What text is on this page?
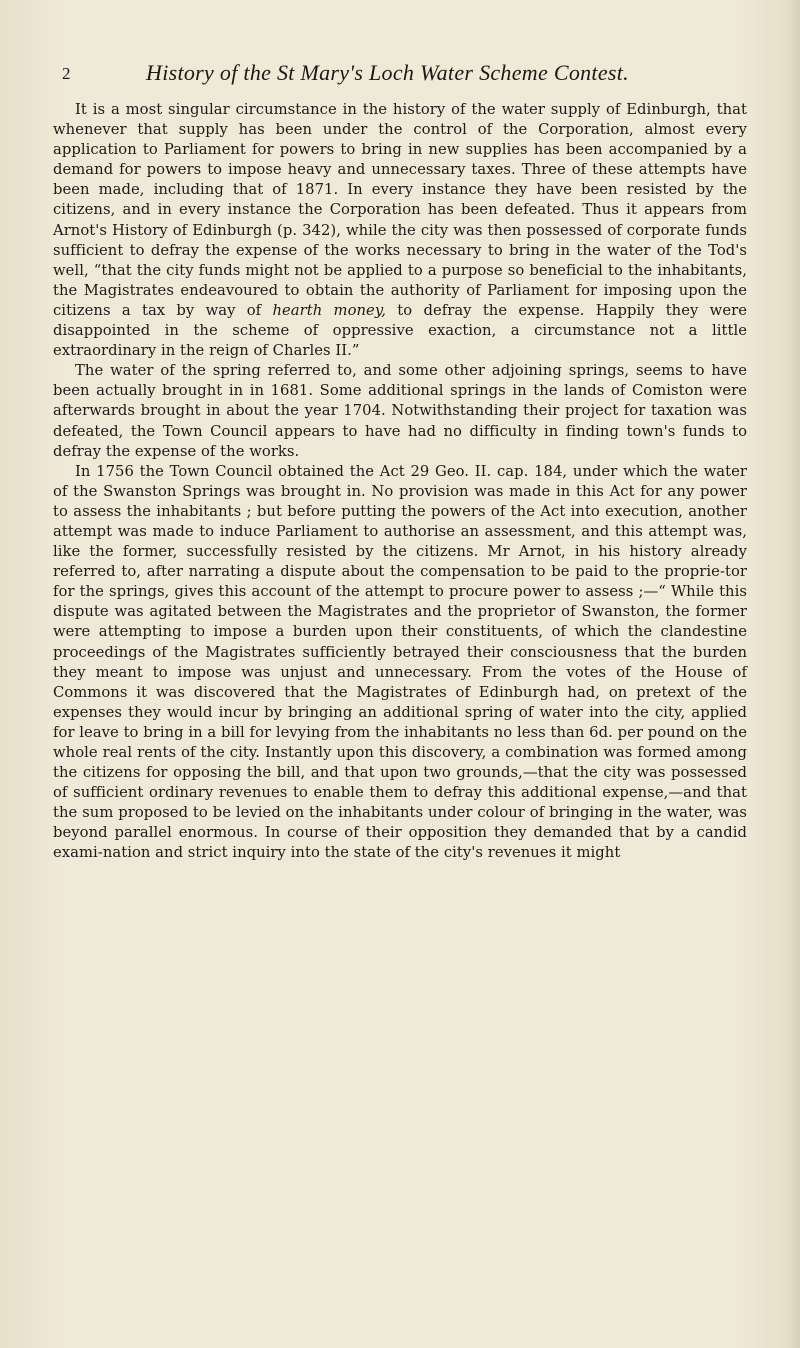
2	History of the St Mary's Loch Water Scheme Contest.

It is a most singular circumstance in the history of the water supply of Edinburgh, that whenever that supply has been under the control of the Corporation, almost every application to Parliament for powers to bring in new supplies has been accompanied by a demand for powers to impose heavy and unnecessary taxes. Three of these attempts have been made, including that of 1871. In every instance they have been resisted by the citizens, and in every instance the Corporation has been defeated. Thus it appears from Arnot's History of Edinburgh (p. 342), while the city was then possessed of corporate funds sufficient to defray the expense of the works necessary to bring in the water of the Tod's well, “that the city funds might not be applied to a purpose so beneficial to the inhabitants, the Magistrates endeavoured to obtain the authority of Parliament for imposing upon the citizens a tax by way of hearth money, to defray the expense. Happily they were disappointed in the scheme of oppressive exaction, a circumstance not a little extraordinary in the reign of Charles II.”

The water of the spring referred to, and some other adjoining springs, seems to have been actually brought in in 1681. Some additional springs in the lands of Comiston were afterwards brought in about the year 1704. Notwithstanding their project for taxation was defeated, the Town Council appears to have had no difficulty in finding town's funds to defray the expense of the works.

In 1756 the Town Council obtained the Act 29 Geo. II. cap. 184, under which the water of the Swanston Springs was brought in. No provision was made in this Act for any power to assess the inhabitants ; but before putting the powers of the Act into execution, another attempt was made to induce Parliament to authorise an assessment, and this attempt was, like the former, successfully resisted by the citizens. Mr Arnot, in his history already referred to, after narrating a dispute about the compensation to be paid to the proprie-tor for the springs, gives this account of the attempt to procure power to assess ;—“ While this dispute was agitated between the Magistrates and the proprietor of Swanston, the former were attempting to impose a burden upon their constituents, of which the clandestine proceedings of the Magistrates sufficiently betrayed their consciousness that the burden they meant to impose was unjust and unnecessary. From the votes of the House of Commons it was discovered that the Magistrates of Edinburgh had, on pretext of the expenses they would incur by bringing an additional spring of water into the city, applied for leave to bring in a bill for levying from the inhabitants no less than 6d. per pound on the whole real rents of the city. Instantly upon this discovery, a combination was formed among the citizens for opposing the bill, and that upon two grounds,—that the city was possessed of sufficient ordinary revenues to enable them to defray this additional expense,—and that the sum proposed to be levied on the inhabitants under colour of bringing in the water, was beyond parallel enormous. In course of their opposition they demanded that by a candid exami-nation and strict inquiry into the state of the city's revenues it might
